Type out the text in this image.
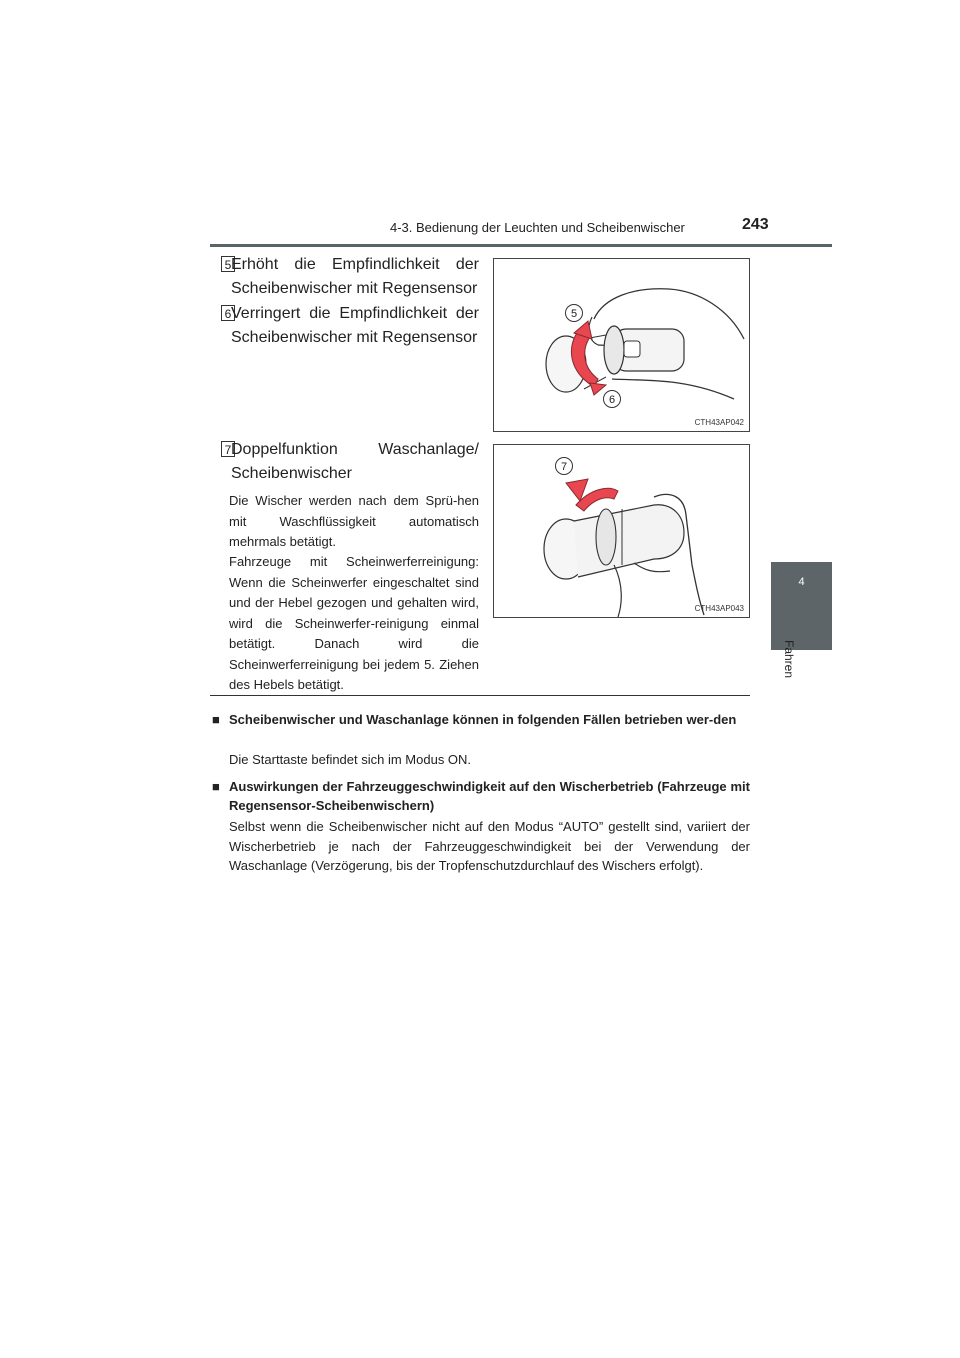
4-3. Bedienung der Leuchten und Scheibenwischer	243
4
Fahren
5 Erhöht die Empfindlichkeit der Scheibenwischer mit Regensensor
6 Verringert die Empfindlichkeit der Scheibenwischer mit Regensensor
7 Doppelfunktion Waschanlage/ Scheibenwischer
Die Wischer werden nach dem Sprü-hen mit Waschflüssigkeit automatisch mehrmals betätigt.
Fahrzeuge mit Scheinwerferreinigung: Wenn die Scheinwerfer eingeschaltet sind und der Hebel gezogen und gehalten wird, wird die Scheinwerfer-reinigung einmal betätigt. Danach wird die Scheinwerferreinigung bei jedem 5. Ziehen des Hebels betätigt.
5
6
CTH43AP042
7
CTH43AP043
■ Scheibenwischer und Waschanlage können in folgenden Fällen betrieben wer-den
Die Starttaste befindet sich im Modus ON.
■ Auswirkungen der Fahrzeuggeschwindigkeit auf den Wischerbetrieb (Fahrzeuge mit Regensensor-Scheibenwischern)
Selbst wenn die Scheibenwischer nicht auf den Modus “AUTO” gestellt sind, variiert der Wischerbetrieb je nach der Fahrzeuggeschwindigkeit bei der Verwendung der Waschanlage (Verzögerung, bis der Tropfenschutzdurchlauf des Wischers erfolgt).
